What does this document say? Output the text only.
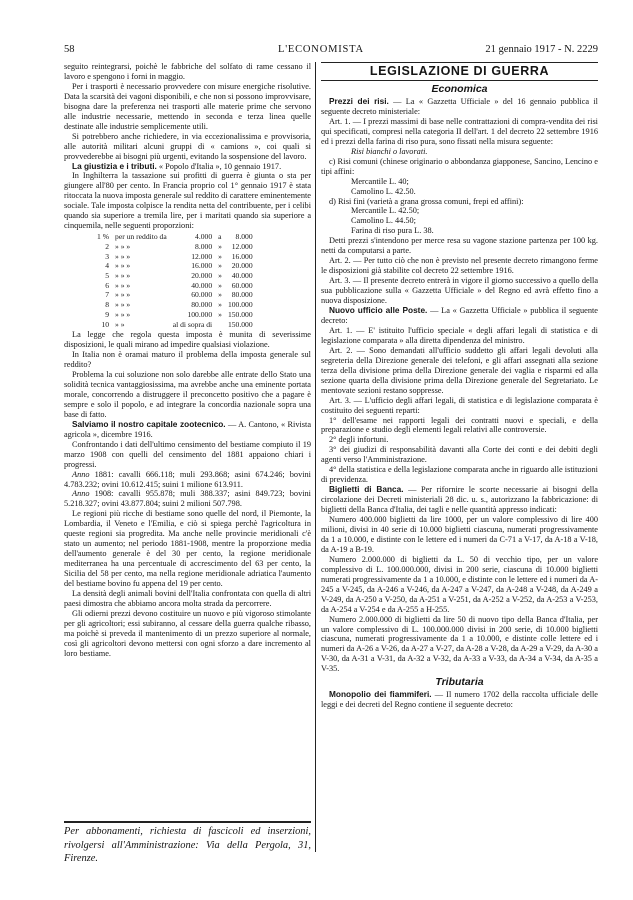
58	L'ECONOMISTA	21 gennaio 1917 - N. 2229

seguito reintegrarsi, poichè le fabbriche del solfato di rame cessano il lavoro e spengono i forni in maggio.

Per i trasporti è necessario provvedere con misure energiche risolutive. Data la scarsità dei vagoni disponibili, e che non si possono improvvisare, bisogna dare la preferenza nei trasporti alle materie prime che servono alle industrie necessarie, mettendo in seconda e terza linea quelle destinate alle industrie semplicemente utili.

Si potrebbero anche richiedere, in via eccezionalissima e provvisoria, alle autorità militari alcuni gruppi di « camions », coi quali si provvederebbe ai bisogni più urgenti, evitando la sospensione del lavoro.

La giustizia e i tributi. « Popolo d'Italia », 10 gennaio 1917.

In Inghilterra la tassazione sui profitti di guerra è giunta o sta per giungere all'80 per cento. In Francia proprio col 1° gennaio 1917 è stata ritoccata la nuova imposta generale sul reddito di carattere eminentemente sociale. Tale imposta colpisce la rendita netta del contribuente, per i celibi quando sia superiore a tremila lire, per i maritati quando sia superiore a cinquemila, nelle seguenti proporzioni:

1 %	per un reddito da	4.000	a	8.000
2	» » »	8.000	»	12.000
3	» » »	12.000	»	16.000
4	» » »	16.000	»	20.000
5	» » »	20.000	»	40.000
6	» » »	40.000	»	60.000
7	» » »	60.000	»	80.000
8	» » »	80.000	»	100.000
9	» » »	100.000	»	150.000
10	» »	al di sopra di		150.000

La legge che regola questa imposta è munita di severissime disposizioni, le quali mirano ad impedire qualsiasi violazione.

In Italia non è oramai maturo il problema della imposta generale sul reddito?

Problema la cui soluzione non solo darebbe alle entrate dello Stato una solidità tecnica vantaggiosissima, ma avrebbe anche una eminente portata morale, concorrendo a distruggere il preconcetto positivo che a pagare è sempre e solo il popolo, e ad integrare la concordia nazionale sopra una base di fatto.

Salviamo il nostro capitale zootecnico. — A. Cantono, « Rivista agricola », dicembre 1916.

Confrontando i dati dell'ultimo censimento del bestiame compiuto il 19 marzo 1908 con quelli del censimento del 1881 appaiono chiari i progressi.

Anno 1881: cavalli 666.118; muli 293.868; asini 674.246; bovini 4.783.232; ovini 10.612.415; suini 1 milione 613.911.

Anno 1908: cavalli 955.878; muli 388.337; asini 849.723; bovini 5.218.327; ovini 43.877.804; suini 2 milioni 507.798.

Le regioni più ricche di bestiame sono quelle del nord, il Piemonte, la Lombardia, il Veneto e l'Emilia, e ciò si spiega perchè l'agricoltura in queste regioni sia progredita. Ma anche nelle provincie meridionali c'è stato un aumento; nel periodo 1881-1908, mentre la proporzione media dell'aumento generale è del 30 per cento, la regione meridionale mediterranea ha una percentuale di accrescimento del 63 per cento, la Sicilia del 58 per cento, ma nella regione meridionale adriatica l'aumento del bestiame bovino fu appena del 19 per cento.

La densità degli animali bovini dell'Italia confrontata con quella di altri paesi dimostra che abbiamo ancora molta strada da percorrere.

Gli odierni prezzi devono costituire un nuovo e più vigoroso stimolante per gli agricoltori; essi subiranno, al cessare della guerra qualche ribasso, ma poichè si preveda il mantenimento di un prezzo superiore al normale, così gli agricoltori devono mettersi con ogni sforzo a dare incremento al loro bestiame.

Per abbonamenti, richiesta di fascicoli ed inserzioni, rivolgersi all'Amministrazione: Via della Pergola, 31, Firenze.
LEGISLAZIONE DI GUERRA
Economica

Prezzi dei risi. — La « Gazzetta Ufficiale » del 16 gennaio pubblica il seguente decreto ministeriale:

Art. 1. — I prezzi massimi di base nelle contrattazioni di compra-vendita dei risi qui specificati, compresi nella categoria II dell'art. 1 del decreto 22 settembre 1916 ed i prezzi della farina di riso pura, sono fissati nella misura seguente:

Risi bianchi o lavorati.

c) Risi comuni (chinese originario o abbondanza giapponese, Sancino, Lencino e tipi affini:

Mercantile L. 40;
Camolino L. 42.50.

d) Risi fini (varietà a grana grossa comuni, frepi ed affini):

Mercantile L. 42.50;
Camolino L. 44.50;
Farina di riso pura L. 38.

Detti prezzi s'intendono per merce resa su vagone stazione partenza per 100 kg. netti da computarsi a parte.

Art. 2. — Per tutto ciò che non è previsto nel presente decreto rimangono ferme le disposizioni già stabilite col decreto 22 settembre 1916.

Art. 3. — Il presente decreto entrerà in vigore il giorno successivo a quello della sua pubblicazione sulla « Gazzetta Ufficiale » del Regno ed avrà effetto fino a nuova disposizione.

Nuovo ufficio alle Poste. — La « Gazzetta Ufficiale » pubblica il seguente decreto:

Art. 1. — E' istituito l'ufficio speciale « degli affari legali di statistica e di legislazione comparata » alla diretta dipendenza del ministro.

Art. 2. — Sono demandati all'ufficio suddetto gli affari legali devoluti alla segreteria della Direzione generale dei telefoni, e gli affari assegnati alla sezione terza della divisione prima della Direzione generale dei vaglia e risparmi ed alla sezione quarta della divisione prima della Direzione generale del Segretariato. Le mentovate sezioni restano soppresse.

Art. 3. — L'ufficio degli affari legali, di statistica e di legislazione comparata è costituito dei seguenti reparti:

1° dell'esame nei rapporti legali dei contratti nuovi e speciali, e della preparazione e studio degli elementi legali relativi alle controversie.

2° degli infortuni.

3° dei giudizi di responsabilità davanti alla Corte dei conti e dei debiti degli agenti verso l'Amministrazione.

4° della statistica e della legislazione comparata anche in riguardo alle istituzioni di previdenza.

Biglietti di Banca. — Per rifornire le scorte necessarie ai bisogni della circolazione dei Decreti ministeriali 28 dic. u. s., autorizzano la fabbricazione: di biglietti della Banca d'Italia, dei tagli e nelle quantità appresso indicati:

Numero 400.000 biglietti da lire 1000, per un valore complessivo di lire 400 milioni, divisi in 40 serie di 10.000 biglietti ciascuna, numerati progressivamente da 1 a 10.000, e distinte con le lettere ed i numeri da C-71 a V-17, da A-18 a V-18, da A-19 a B-19.

Numero 2.000.000 di biglietti da L. 50 di vecchio tipo, per un valore complessivo di L. 100.000.000, divisi in 200 serie, ciascuna di 10.000 biglietti numerati progressivamente da 1 a 10.000, e distinte con le lettere ed i numeri da A-245 a V-245, da A-246 a V-246, da A-247 a V-247, da A-248 a V-248, da A-249 a V-249, da A-250 a V-250, da A-251 a V-251, da A-252 a V-252, da A-253 a V-253, da A-254 a V-254 e da A-255 a H-255.

Numero 2.000.000 di biglietti da lire 50 di nuovo tipo della Banca d'Italia, per un valore complessivo di L. 100.000.000 divisi in 200 serie, di 10.000 biglietti ciascuna, numerati progressivamente da 1 a 10.000, e distinte colle lettere ed i numeri da A-26 a V-26, da A-27 a V-27, da A-28 a V-28, da A-29 a V-29, da A-30 a V-30, da A-31 a V-31, da A-32 a V-32, da A-33 a V-33, da A-34 a V-34, da A-35 a V-35.

Tributaria

Monopolio dei fiammiferi. — Il numero 1702 della raccolta ufficiale delle leggi e dei decreti del Regno contiene il seguente decreto:
